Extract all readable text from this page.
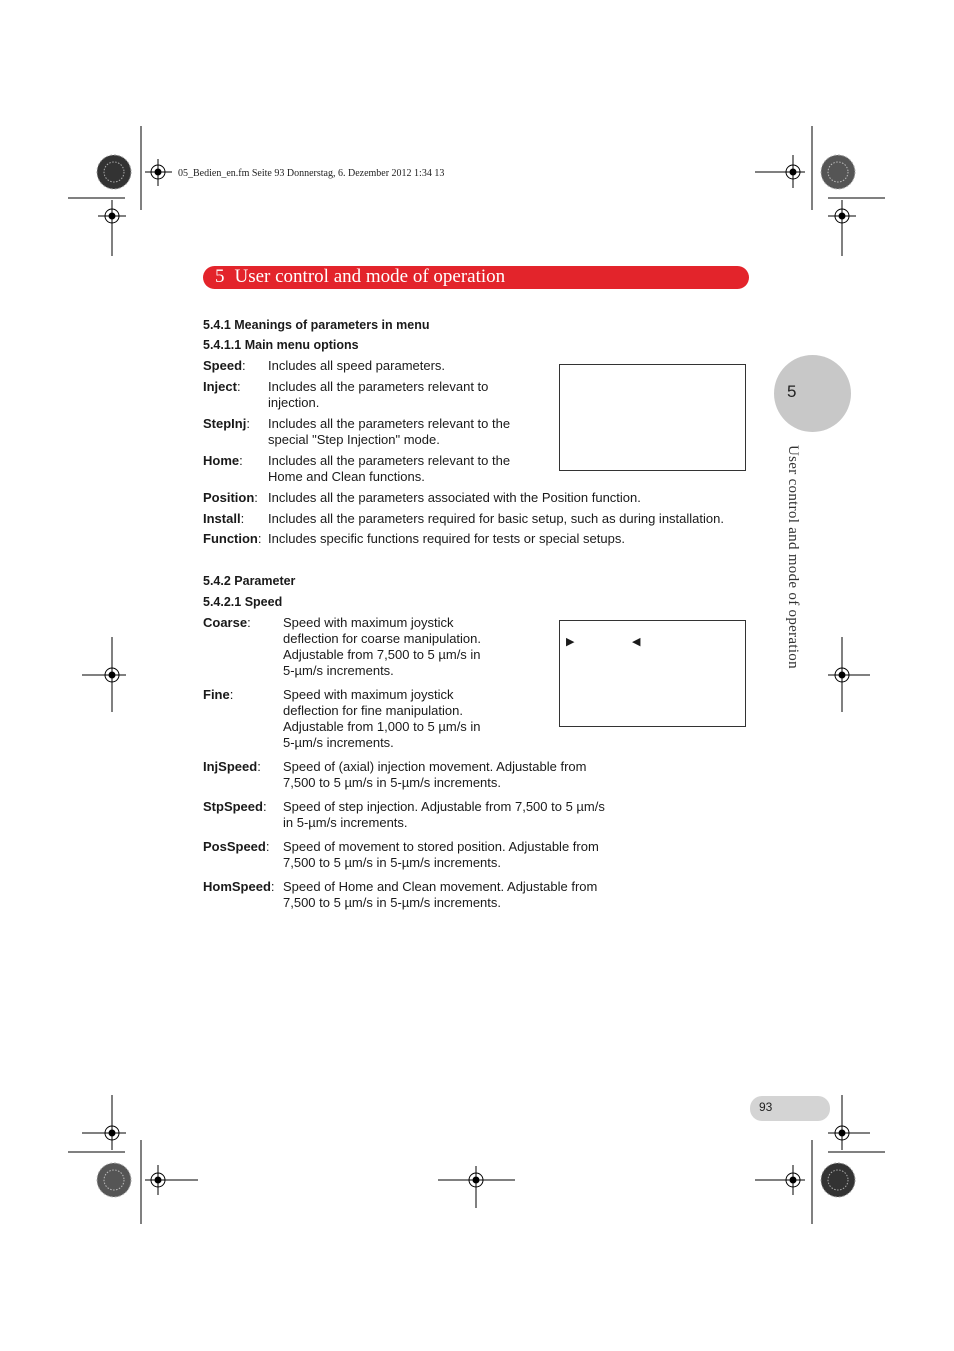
05_Bedien_en.fm Seite 93 Donnerstag, 6. Dezember 2012 1:34 13
5 User control and mode of operation
5.4.1 Meanings of parameters in menu
5.4.1.1 Main menu options
Speed: Includes all speed parameters.
Inject: Includes all the parameters relevant to injection.
StepInj: Includes all the parameters relevant to the special "Step Injection" mode.
Home: Includes all the parameters relevant to the Home and Clean functions.
Position: Includes all the parameters associated with the Position function.
Install: Includes all the parameters required for basic setup, such as during installation.
Function: Includes specific functions required for tests or special setups.
5.4.2 Parameter
5.4.2.1 Speed
Coarse: Speed with maximum joystick deflection for coarse manipulation. Adjustable from 7,500 to 5 µm/s in 5-µm/s increments.
Fine:	Speed with maximum joystick deflection for fine manipulation. Adjustable from 1,000 to 5 µm/s in 5-µm/s increments.
InjSpeed: Speed of (axial) injection movement. Adjustable from 7,500 to 5 µm/s in 5-µm/s increments.
StpSpeed: Speed of step injection. Adjustable from 7,500 to 5 µm/s in 5-µm/s increments.
PosSpeed: Speed of movement to stored position. Adjustable from 7,500 to 5 µm/s in 5-µm/s increments.
HomSpeed: Speed of Home and Clean movement. Adjustable from 7,500 to 5 µm/s in 5-µm/s increments.
▶	◀
5
User control and mode of operation
93
